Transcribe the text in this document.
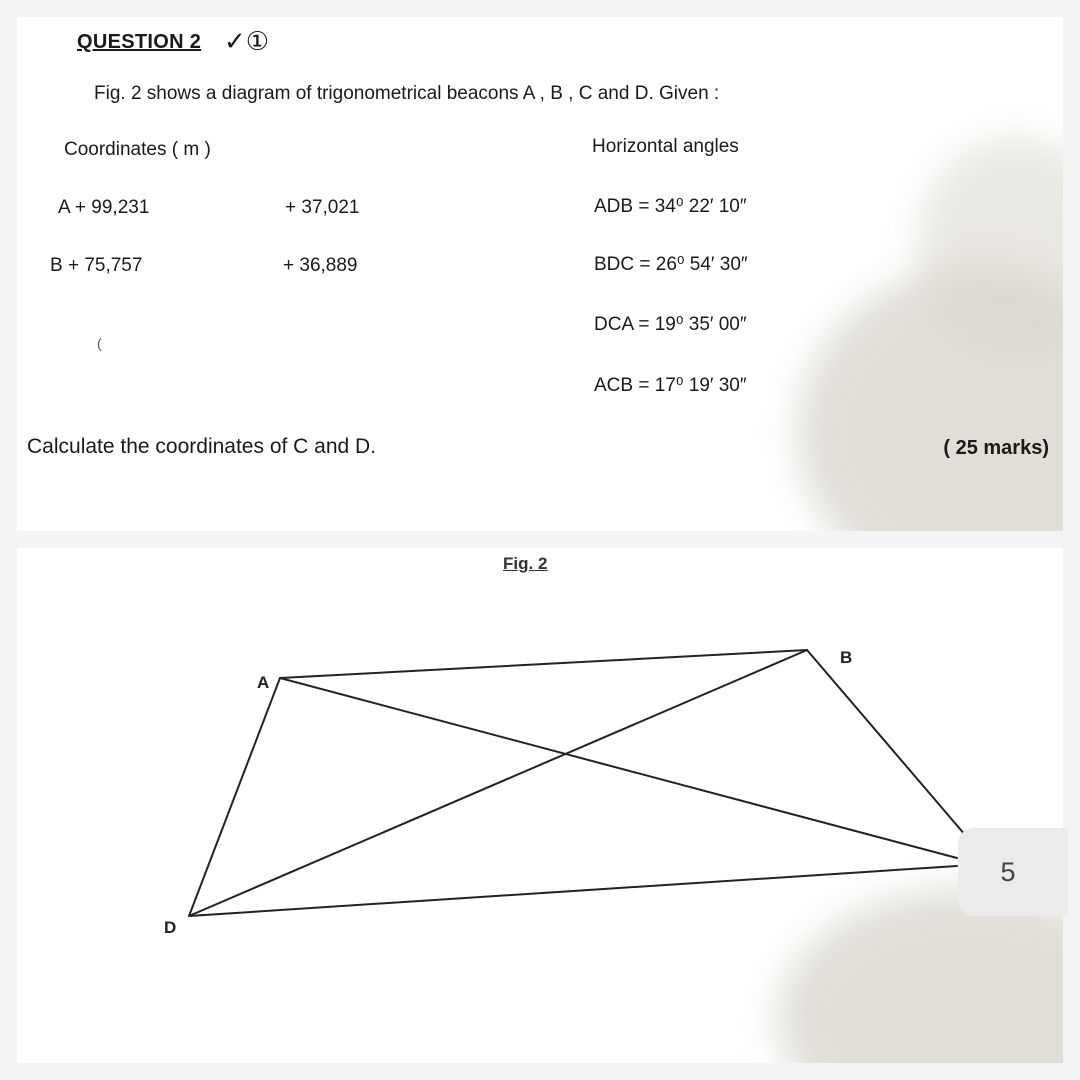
QUESTION 2 ✓①
Fig. 2 shows a diagram of trigonometrical beacons A , B , C and D. Given :
Coordinates ( m )	Horizontal angles
A + 99,231	+ 37,021
B + 75,757	+ 36,889
ADB = 34⁰ 22′ 10″
BDC = 26⁰ 54′ 30″
DCA = 19⁰ 35′ 00″
ACB = 17⁰ 19′ 30″
(
Calculate the coordinates of C and D.	( 25 marks)
Fig. 2
A
B
D
5
